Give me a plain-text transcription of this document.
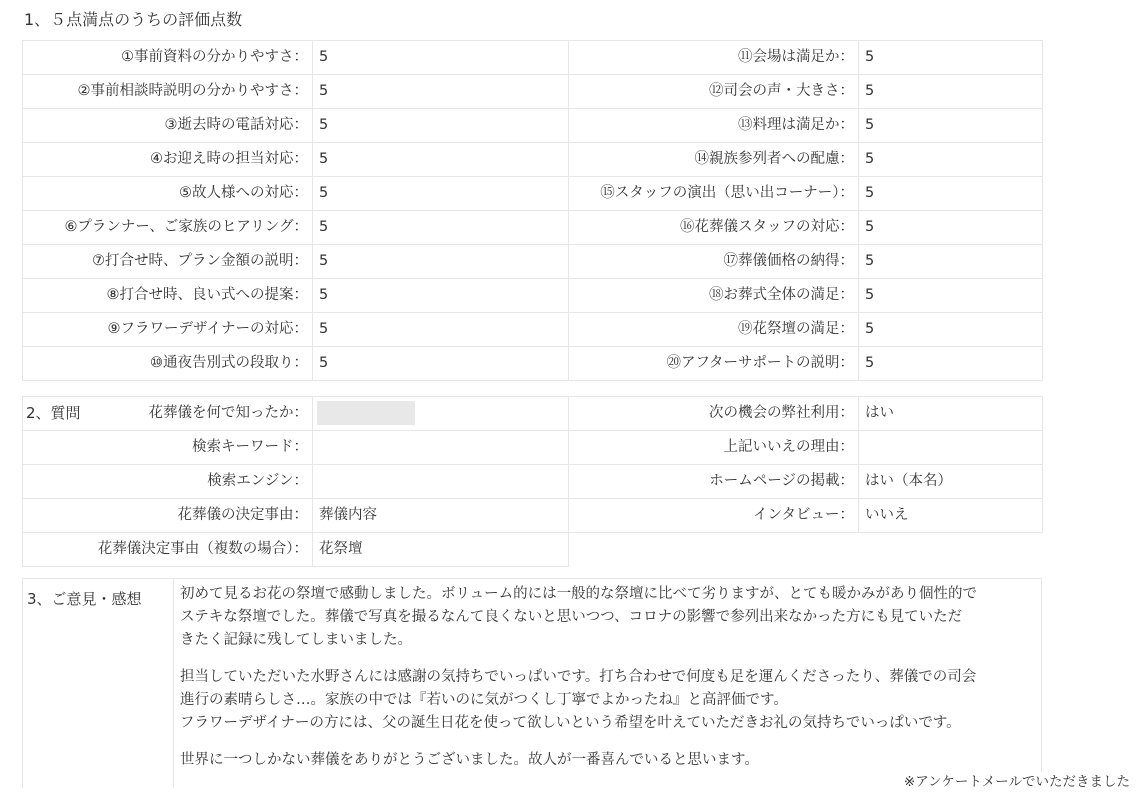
1、５点満点のうちの評価点数
①事前資料の分かりやすさ：	5	⑪会場は満足か：	5
②事前相談時説明の分かりやすさ：	5	⑫司会の声・大きさ：	5
③逝去時の電話対応：	5	⑬料理は満足か：	5
④お迎え時の担当対応：	5	⑭親族参列者への配慮：	5
⑤故人様への対応：	5	⑮スタッフの演出（思い出コーナー）：	5
⑥プランナー、ご家族のヒアリング：	5	⑯花葬儀スタッフの対応：	5
⑦打合せ時、プラン金額の説明：	5	⑰葬儀価格の納得：	5
⑧打合せ時、良い式への提案：	5	⑱お葬式全体の満足：	5
⑨フラワーデザイナーの対応：	5	⑲花祭壇の満足：	5
⑩通夜告別式の段取り：	5	⑳アフターサポートの説明：	5
2、質問 花葬儀を何で知ったか：		次の機会の弊社利用：	はい
検索キーワード：		上記いいえの理由：	
検索エンジン：		ホームページの掲載：	はい（本名）
花葬儀の決定事由：	葬儀内容	インタビュー：	いいえ
花葬儀決定事由（複数の場合）：	花祭壇		
3、ご意見・感想	初めて見るお花の祭壇で感動しました。ボリューム的には一般的な祭壇に比べて劣りますが、とても暖かみがあり個性的で
ステキな祭壇でした。葬儀で写真を撮るなんて良くないと思いつつ、コロナの影響で参列出来なかった方にも見ていただ
きたく記録に残してしまいました。

担当していただいた水野さんには感謝の気持ちでいっぱいです。打ち合わせで何度も足を運んくださったり、葬儀での司会
進行の素晴らしさ…。家族の中では『若いのに気がつくし丁寧でよかったね』と高評価です。
フラワーデザイナーの方には、父の誕生日花を使って欲しいという希望を叶えていただきお礼の気持ちでいっぱいです。

世界に一つしかない葬儀をありがとうございました。故人が一番喜んでいると思います。

※アンケートメールでいただきました
